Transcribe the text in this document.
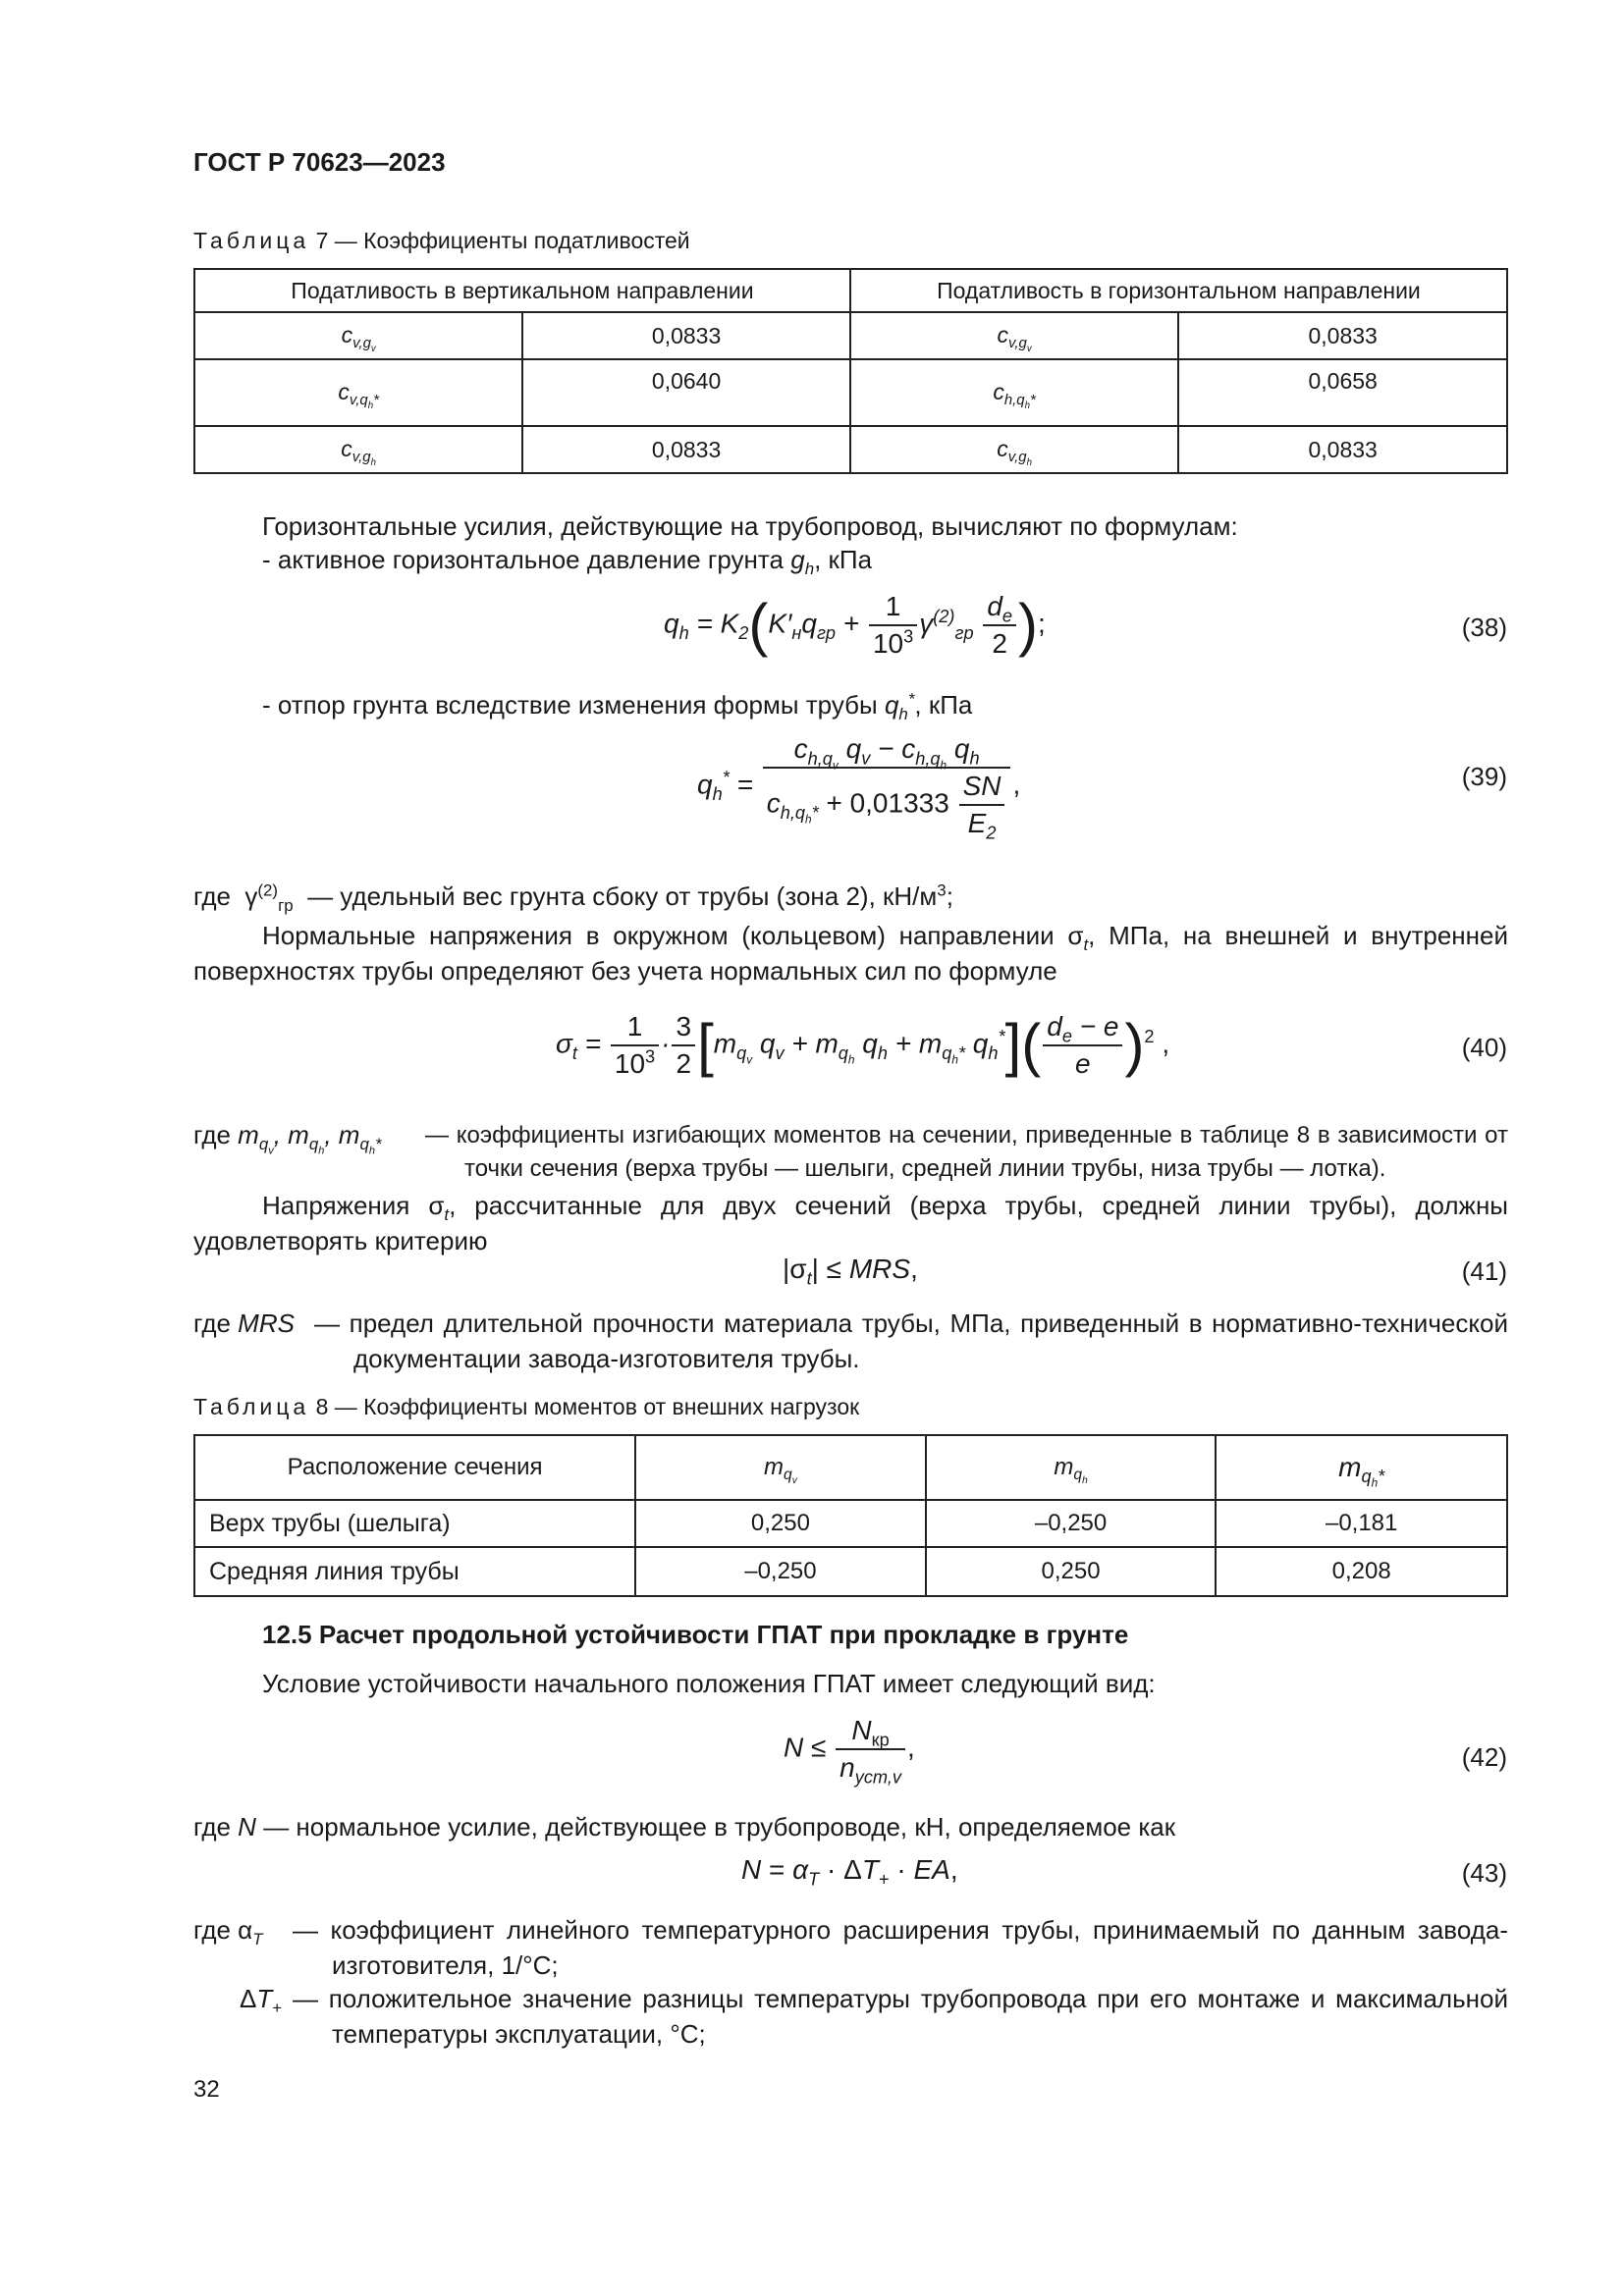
ГОСТ Р 70623—2023
Таблица 7 — Коэффициенты податливостей
Податливость в вертикальном направлении		Податливость в горизонтальном направлении	
$c_{v,g_v}$	0,0833	$c_{v,g_v}$	0,0833
$c_{v,q_h*}$	0,0640	$c_{h,q_h*}$	0,0658
$c_{v,g_h}$	0,0833	$c_{v,g_h}$	0,0833
Горизонтальные усилия, действующие на трубопровод, вычисляют по формулам:
- активное горизонтальное давление грунта $g_h$, кПа
$q_h = K_2(K'_нq_{гр} + \frac{1}{10^3} \gamma^{(2)}_{гр} \frac{d_e}{2}$ );	(38)
- отпор грунта вследствие изменения формы трубы $q_h^*$, кПа
$q_h^* = \frac{c_{h,q_v} q_v - c_{h,q_h} q_h}{c_{h,q_h*} + 0,01333 \frac{SN}{E_2}}$ ,	(39)
где  $\gamma^{(2)}_{гр}$ — удельный вес грунта сбоку от трубы (зона 2), $кН/м^3$;
Нормальные напряжения в окружном (кольцевом) направлении $\sigma_t$, МПа, на внешней и внутренней поверхностях трубы определяют без учета нормальных сил по формуле
$\sigma_t = \frac{1}{10^3} \cdot \frac{3}{2} [m_{q_v}$ $q_v + m_{q_h}$ $q_h + m_{q_h*}$ $q_h^*]( \frac{d_e - e}{e} )^2$ ,	(40)
где $m_{q_v}$, $m_{q_h}$, $m_{q_h*}$ — коэффициенты изгибающих моментов на сечении, приведенные в таблице 8 в зависимости от точки сечения (верха трубы — шелыги, средней линии трубы, низа трубы — лотка).
Напряжения $\sigma_t$, рассчитанные для двух сечений (верха трубы, средней линии трубы), должны удовлетворять критерию
$|\sigma_t|$ ≤ MRS,	(41)
где MRS — предел длительной прочности материала трубы, МПа, приведенный в нормативно-технической документации завода-изготовителя трубы.
Таблица 8 — Коэффициенты моментов от внешних нагрузок
Расположение сечения	$m_{q_v}$	$m_{q_h}$	$m_{q_h*}$
Верх трубы (шелыга)	0,250	–0,250	–0,181
Средняя линия трубы	–0,250	0,250	0,208
12.5 Расчет продольной устойчивости ГПАТ при прокладке в грунте
Условие устойчивости начального положения ГПАТ имеет следующий вид:
$N \le \frac{N_{кр}}{n_{уст,v}}$ ,	(42)
где N — нормальное усилие, действующее в трубопроводе, кН, определяемое как
$N = \alpha_T \cdot \Delta T_+$ · EA,	(43)
где $\alpha_T$ — коэффициент линейного температурного расширения трубы, принимаемый по данным завода-изготовителя, 1/°С;
$\Delta T_+$ — положительное значение разницы температуры трубопровода при его монтаже и максимальной температуры эксплуатации, °С;
32
